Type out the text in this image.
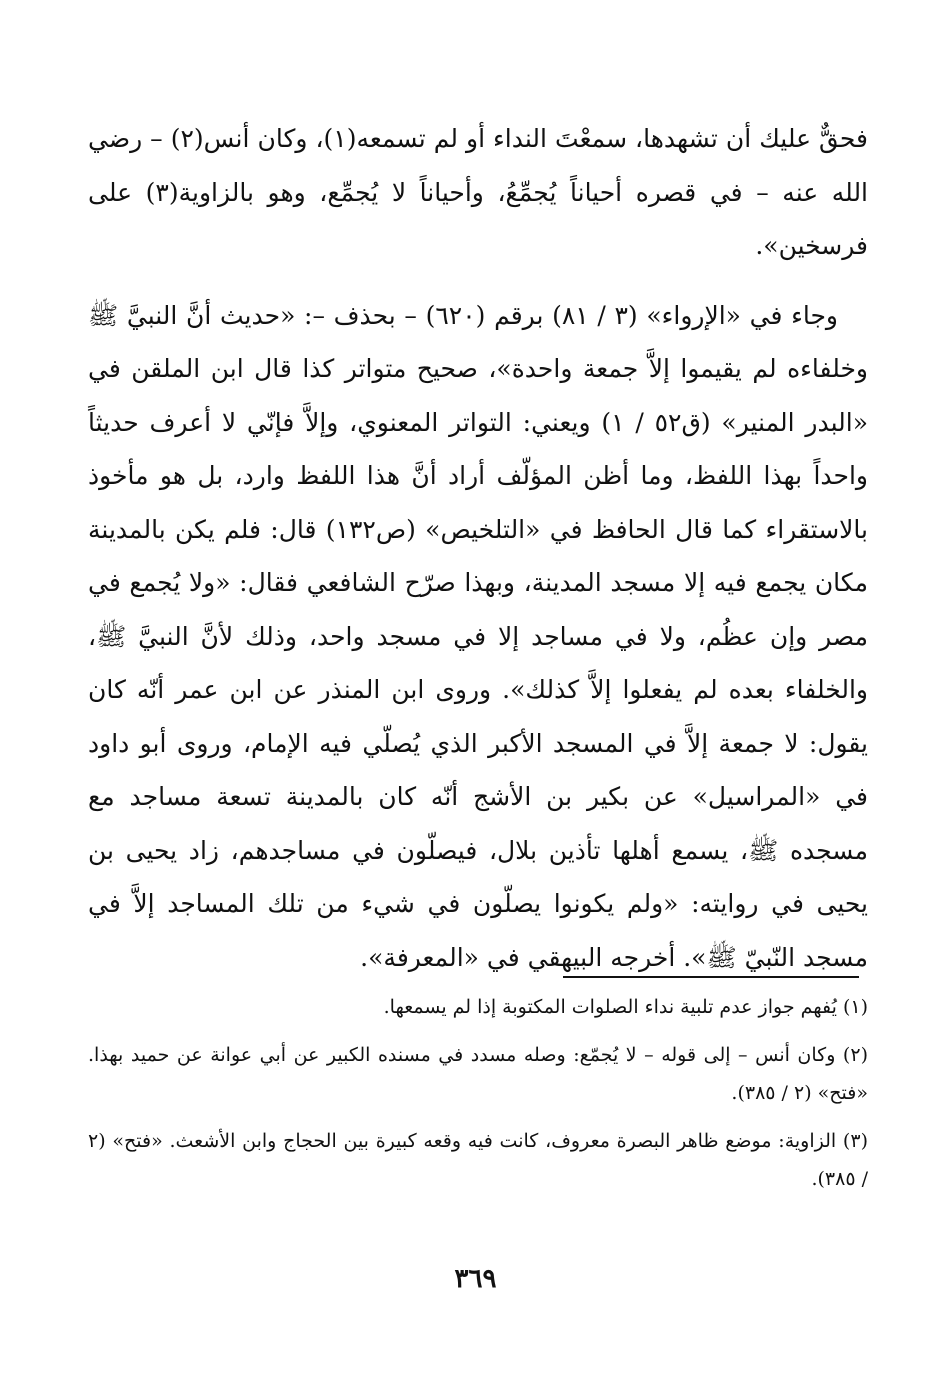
فحقٌّ عليك أن تشهدها، سمعْتَ النداء أو لم تسمعه(١)، وكان أنس(٢) – رضي الله عنه – في قصره أحياناً يُجمِّعُ، وأحياناً لا يُجمِّع، وهو بالزاوية(٣) على فرسخين».

وجاء في «الإرواء» (٣ / ٨١) برقم (٦٢٠) – بحذف –: «حديث أنَّ النبيَّ ﷺ وخلفاءه لم يقيموا إلاَّ جمعة واحدة»، صحيح متواتر كذا قال ابن الملقن في «البدر المنير» (ق٥٢ / ١) ويعني: التواتر المعنوي، وإلاَّ فإنّي لا أعرف حديثاً واحداً بهذا اللفظ، وما أظن المؤلّف أراد أنَّ هذا اللفظ وارد، بل هو مأخوذ بالاستقراء كما قال الحافظ في «التلخيص» (ص١٣٢) قال: فلم يكن بالمدينة مكان يجمع فيه إلا مسجد المدينة، وبهذا صرّح الشافعي فقال: «ولا يُجمع في مصر وإن عظُم، ولا في مساجد إلا في مسجد واحد، وذلك لأنَّ النبيَّ ﷺ، والخلفاء بعده لم يفعلوا إلاَّ كذلك». وروى ابن المنذر عن ابن عمر أنّه كان يقول: لا جمعة إلاَّ في المسجد الأكبر الذي يُصلّي فيه الإمام، وروى أبو داود في «المراسيل» عن بكير بن الأشج أنّه كان بالمدينة تسعة مساجد مع مسجده ﷺ، يسمع أهلها تأذين بلال، فيصلّون في مساجدهم، زاد يحيى بن يحيى في روايته: «ولم يكونوا يصلّون في شيء من تلك المساجد إلاَّ في مسجد النّبيّ ﷺ». أخرجه البيهقي في «المعرفة».

(١) يُفهم جواز عدم تلبية نداء الصلوات المكتوبة إذا لم يسمعها.

(٢) وكان أنس – إلى قوله – لا يُجمّع: وصله مسدد في مسنده الكبير عن أبي عوانة عن حميد بهذا. «فتح» (٢ / ٣٨٥).

(٣) الزاوية: موضع ظاهر البصرة معروف، كانت فيه وقعه كبيرة بين الحجاج وابن الأشعث. «فتح» (٢ / ٣٨٥).

٣٦٩
